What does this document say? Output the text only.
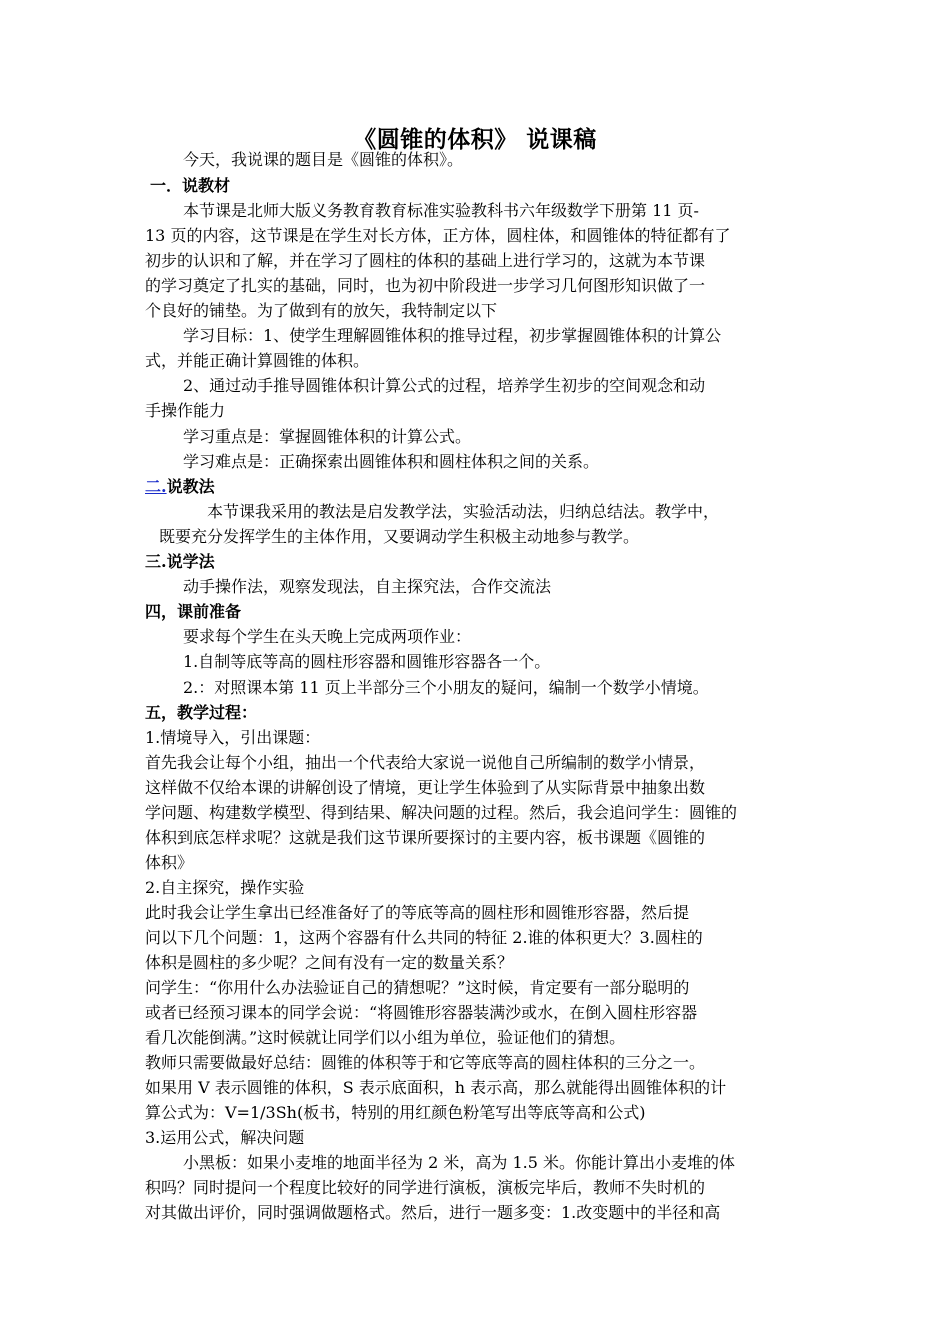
《圆锥的体积》 说课稿
今天，我说课的题目是《圆锥的体积》。
一．说教材
本节课是北师大版义务教育教育标准实验教科书六年级数学下册第 11 页-
13 页的内容，这节课是在学生对长方体，正方体，圆柱体，和圆锥体的特征都有了
初步的认识和了解，并在学习了圆柱的体积的基础上进行学习的，这就为本节课
的学习奠定了扎实的基础，同时，也为初中阶段进一步学习几何图形知识做了一
个良好的铺垫。为了做到有的放矢，我特制定以下
学习目标：1、使学生理解圆锥体积的推导过程，初步掌握圆锥体积的计算公
式，并能正确计算圆锥的体积。
2、通过动手推导圆锥体积计算公式的过程，培养学生初步的空间观念和动
手操作能力
学习重点是：掌握圆锥体积的计算公式。
学习难点是：正确探索出圆锥体积和圆柱体积之间的关系。
二.说教法
本节课我采用的教法是启发教学法，实验活动法，归纳总结法。教学中，
既要充分发挥学生的主体作用，又要调动学生积极主动地参与教学。
三.说学法
动手操作法，观察发现法，自主探究法，合作交流法
四，课前准备
要求每个学生在头天晚上完成两项作业：
1.自制等底等高的圆柱形容器和圆锥形容器各一个。
2.：对照课本第 11 页上半部分三个小朋友的疑问，编制一个数学小情境。
五，教学过程：
1.情境导入，引出课题：
首先我会让每个小组，抽出一个代表给大家说一说他自己所编制的数学小情景，
这样做不仅给本课的讲解创设了情境，更让学生体验到了从实际背景中抽象出数
学问题、构建数学模型、得到结果、解决问题的过程。然后，我会追问学生：圆锥的
体积到底怎样求呢？这就是我们这节课所要探讨的主要内容，板书课题《圆锥的
体积》
2.自主探究，操作实验
此时我会让学生拿出已经准备好了的等底等高的圆柱形和圆锥形容器，然后提
问以下几个问题：1，这两个容器有什么共同的特征 2.谁的体积更大？3.圆柱的
体积是圆柱的多少呢？之间有没有一定的数量关系？
问学生：“你用什么办法验证自己的猜想呢？”这时候，肯定要有一部分聪明的
或者已经预习课本的同学会说：“将圆锥形容器装满沙或水，在倒入圆柱形容器
看几次能倒满。”这时候就让同学们以小组为单位，验证他们的猜想。
教师只需要做最好总结：圆锥的体积等于和它等底等高的圆柱体积的三分之一。
如果用 V 表示圆锥的体积，S 表示底面积，h 表示高，那么就能得出圆锥体积的计
算公式为：V=1/3Sh(板书，特别的用红颜色粉笔写出等底等高和公式)
3.运用公式，解决问题
小黑板：如果小麦堆的地面半径为 2 米，高为 1.5 米。你能计算出小麦堆的体
积吗？同时提问一个程度比较好的同学进行演板，演板完毕后，教师不失时机的
对其做出评价，同时强调做题格式。然后，进行一题多变：1.改变题中的半径和高
